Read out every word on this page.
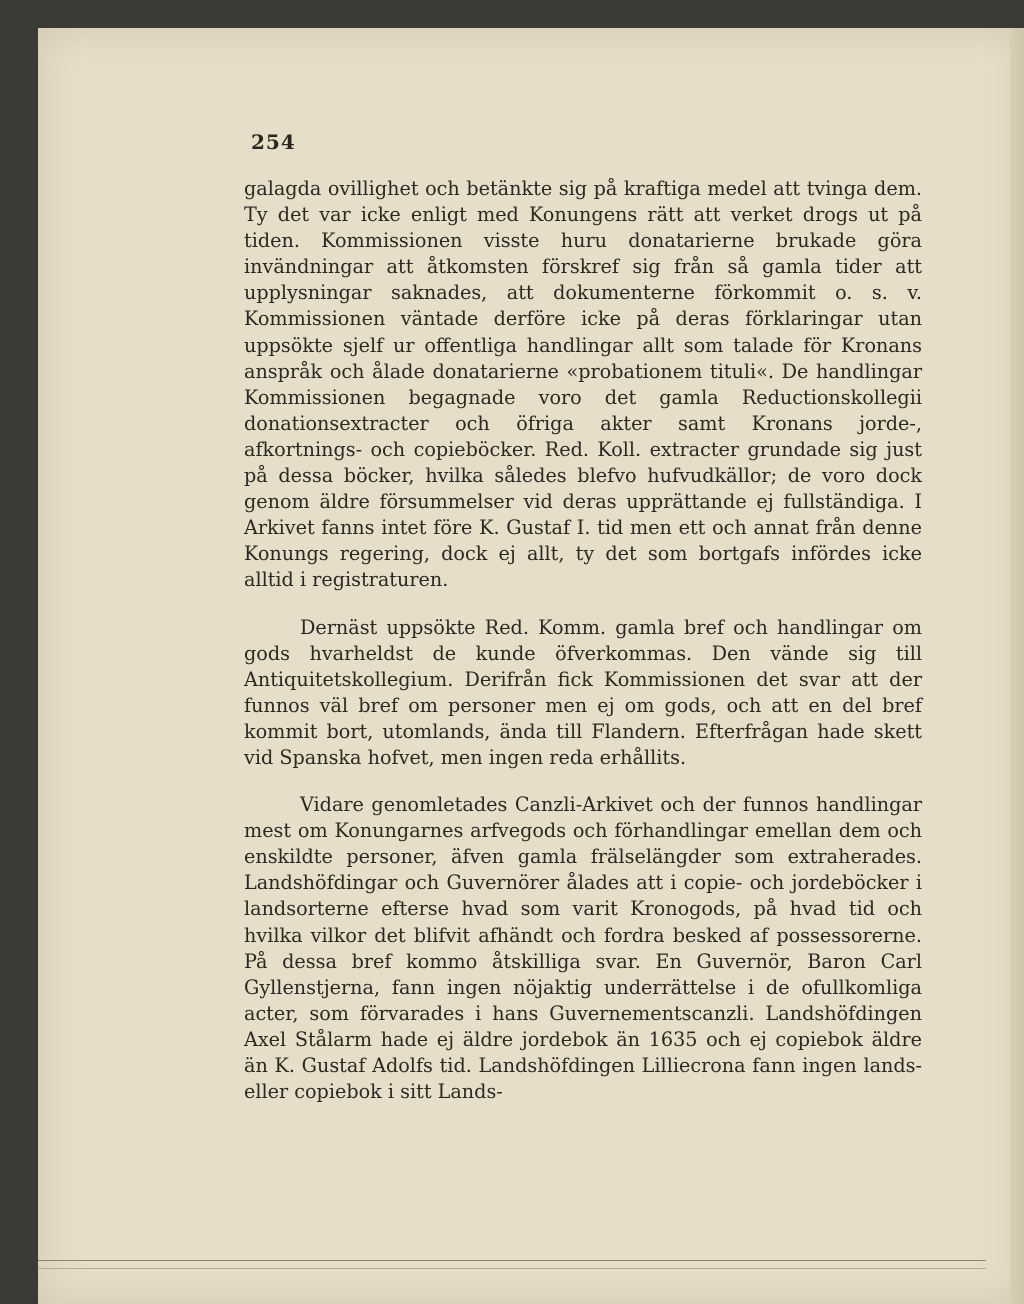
254

galagda ovillighet och betänkte sig på kraftiga medel att tvinga dem. Ty det var icke enligt med Konungens rätt att verket drogs ut på tiden. Kommissionen visste huru donatarierne brukade göra invändningar att åtkomsten förskref sig från så gamla tider att upplysningar saknades, att dokumenterne förkommit o. s. v. Kommissionen väntade derföre icke på deras förklaringar utan uppsökte sjelf ur offentliga handlingar allt som talade för Kronans anspråk och ålade donatarierne «probationem tituli«. De handlingar Kommissionen begagnade voro det gamla Reductionskollegii donationsextracter och öfriga akter samt Kronans jorde-, afkortnings- och copieböcker. Red. Koll. extracter grundade sig just på dessa böcker, hvilka således blefvo hufvudkällor; de voro dock genom äldre försummelser vid deras upprättande ej fullständiga. I Arkivet fanns intet före K. Gustaf I. tid men ett och annat från denne Konungs regering, dock ej allt, ty det som bortgafs infördes icke alltid i registraturen.

Dernäst uppsökte Red. Komm. gamla bref och handlingar om gods hvarheldst de kunde öfverkommas. Den vände sig till Antiquitetskollegium. Derifrån fick Kommissionen det svar att der funnos väl bref om personer men ej om gods, och att en del bref kommit bort, utomlands, ända till Flandern. Efterfrågan hade skett vid Spanska hofvet, men ingen reda erhållits.

Vidare genomletades Canzli-Arkivet och der funnos handlingar mest om Konungarnes arfvegods och förhandlingar emellan dem och enskildte personer, äfven gamla frälselängder som extraherades. Landshöfdingar och Guvernörer ålades att i copie- och jordeböcker i landsorterne efterse hvad som varit Kronogods, på hvad tid och hvilka vilkor det blifvit afhändt och fordra besked af possessorerne. På dessa bref kommo åtskilliga svar. En Guvernör, Baron Carl Gyllenstjerna, fann ingen nöjaktig underrättelse i de ofullkomliga acter, som förvarades i hans Guvernementscanzli. Landshöfdingen Axel Stålarm hade ej äldre jordebok än 1635 och ej copiebok äldre än K. Gustaf Adolfs tid. Landshöfdingen Lilliecrona fann ingen lands- eller copiebok i sitt Lands-
